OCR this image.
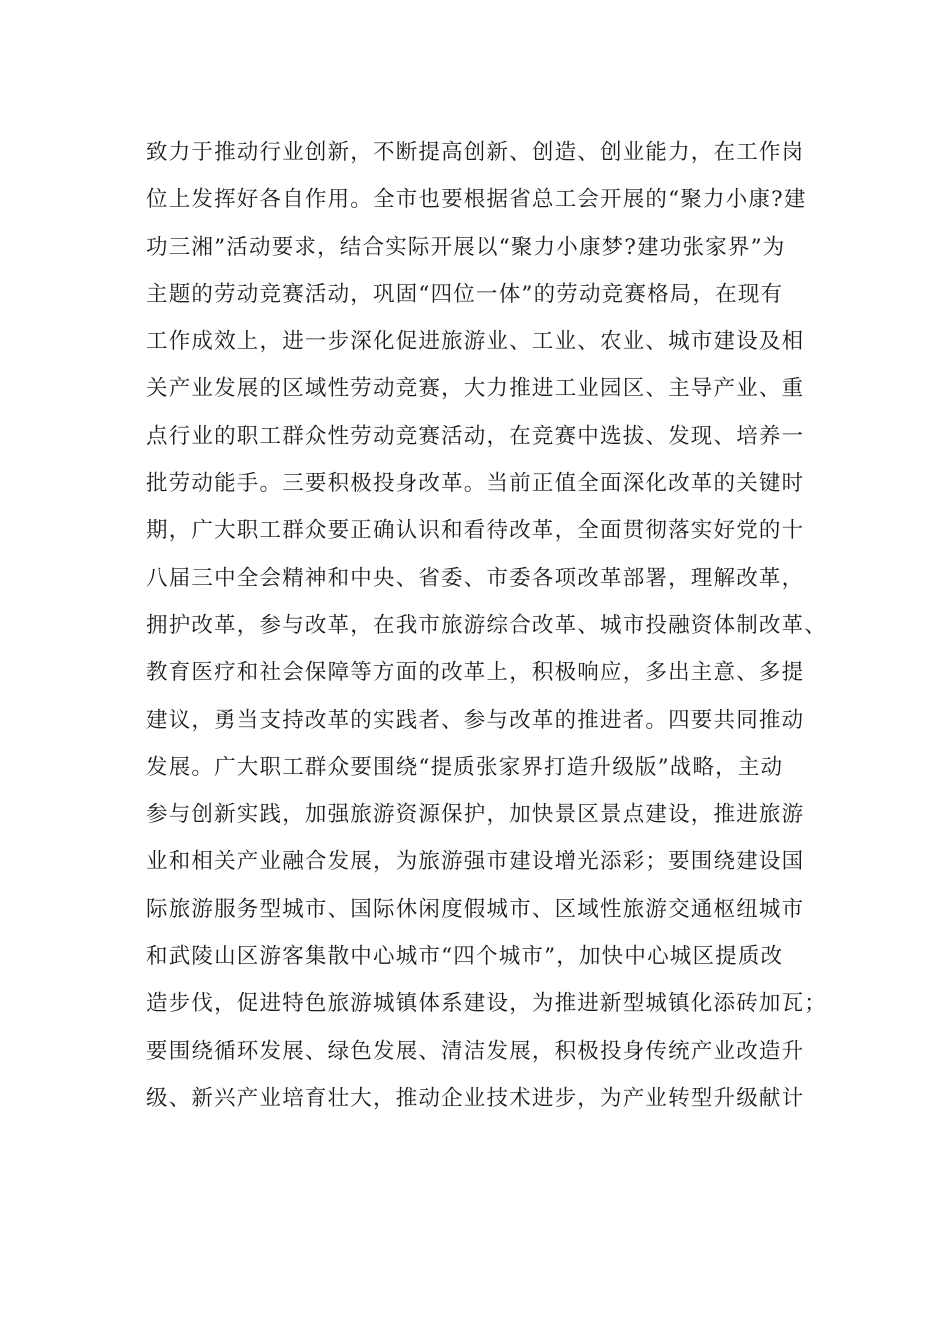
致力于推动行业创新，不断提高创新、创造、创业能力，在工作岗
位上发挥好各自作用。全市也要根据省总工会开展的“聚力小康?建
功三湘”活动要求，结合实际开展以“聚力小康梦?建功张家界”为
主题的劳动竞赛活动，巩固“四位一体”的劳动竞赛格局，在现有
工作成效上，进一步深化促进旅游业、工业、农业、城市建设及相
关产业发展的区域性劳动竞赛，大力推进工业园区、主导产业、重
点行业的职工群众性劳动竞赛活动，在竞赛中选拔、发现、培养一
批劳动能手。三要积极投身改革。当前正值全面深化改革的关键时
期，广大职工群众要正确认识和看待改革，全面贯彻落实好党的十
八届三中全会精神和中央、省委、市委各项改革部署，理解改革，
拥护改革，参与改革，在我市旅游综合改革、城市投融资体制改革、
教育医疗和社会保障等方面的改革上，积极响应，多出主意、多提
建议，勇当支持改革的实践者、参与改革的推进者。四要共同推动
发展。广大职工群众要围绕“提质张家界打造升级版”战略，主动
参与创新实践，加强旅游资源保护，加快景区景点建设，推进旅游
业和相关产业融合发展，为旅游强市建设增光添彩；要围绕建设国
际旅游服务型城市、国际休闲度假城市、区域性旅游交通枢纽城市
和武陵山区游客集散中心城市“四个城市”，加快中心城区提质改
造步伐，促进特色旅游城镇体系建设，为推进新型城镇化添砖加瓦；
要围绕循环发展、绿色发展、清洁发展，积极投身传统产业改造升
级、新兴产业培育壮大，推动企业技术进步，为产业转型升级献计
